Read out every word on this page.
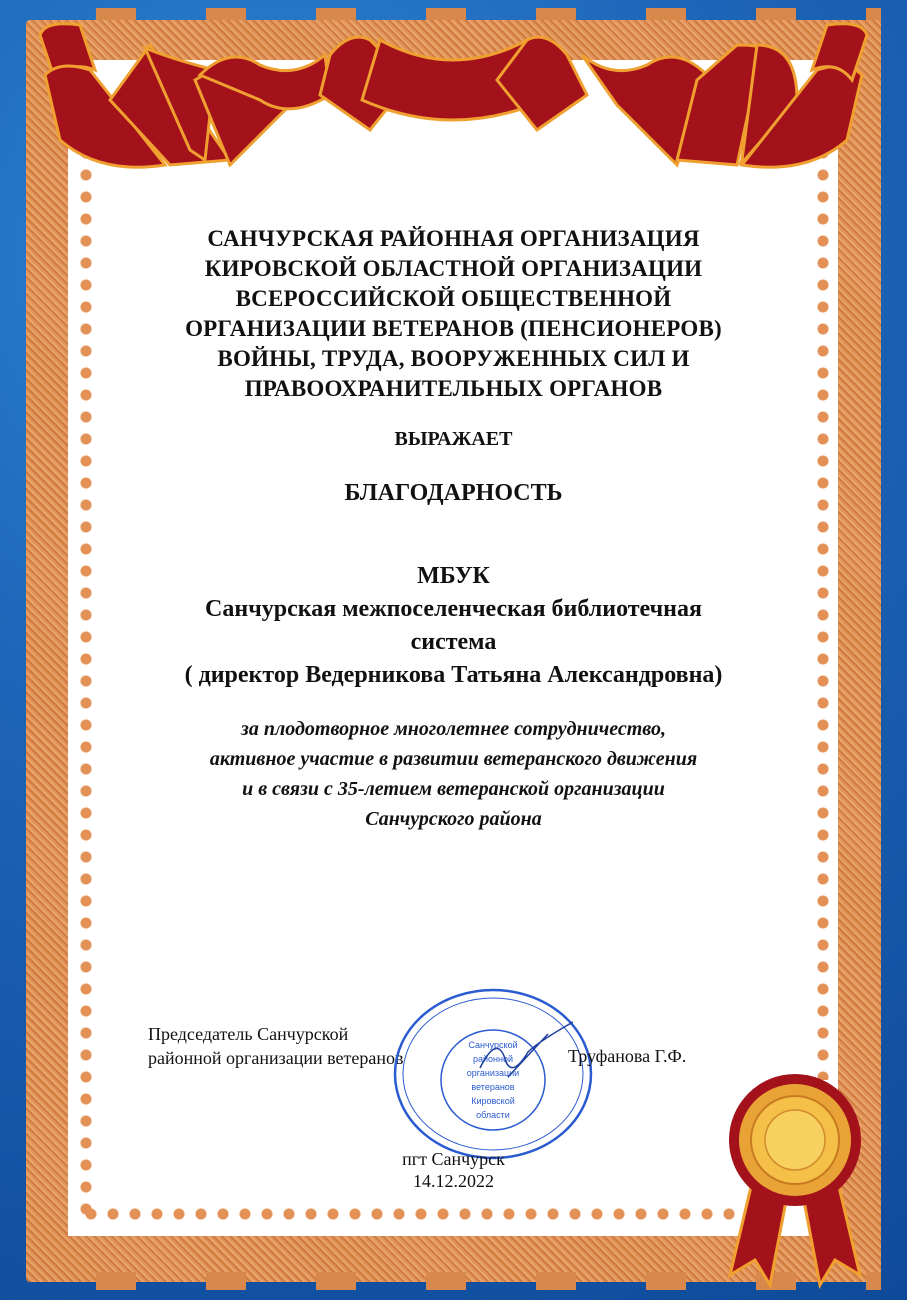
САНЧУРСКАЯ РАЙОННАЯ ОРГАНИЗАЦИЯ
КИРОВСКОЙ ОБЛАСТНОЙ ОРГАНИЗАЦИИ
ВСЕРОССИЙСКОЙ ОБЩЕСТВЕННОЙ
ОРГАНИЗАЦИИ ВЕТЕРАНОВ (ПЕНСИОНЕРОВ)
ВОЙНЫ, ТРУДА, ВООРУЖЕННЫХ СИЛ И
ПРАВООХРАНИТЕЛЬНЫХ ОРГАНОВ
ВЫРАЖАЕТ
БЛАГОДАРНОСТЬ
МБУК
Санчурская межпоселенческая библиотечная
система
( директор Ведерникова Татьяна Александровна)
за плодотворное многолетнее сотрудничество,
активное участие в развитии ветеранского движения
и в связи с 35-летием ветеранской организации
Санчурского района
Председатель Санчурской
районной организации ветеранов
Санчурской
районной
организации
ветеранов
Кировской
области
Труфанова Г.Ф.
пгт Санчурск
14.12.2022
